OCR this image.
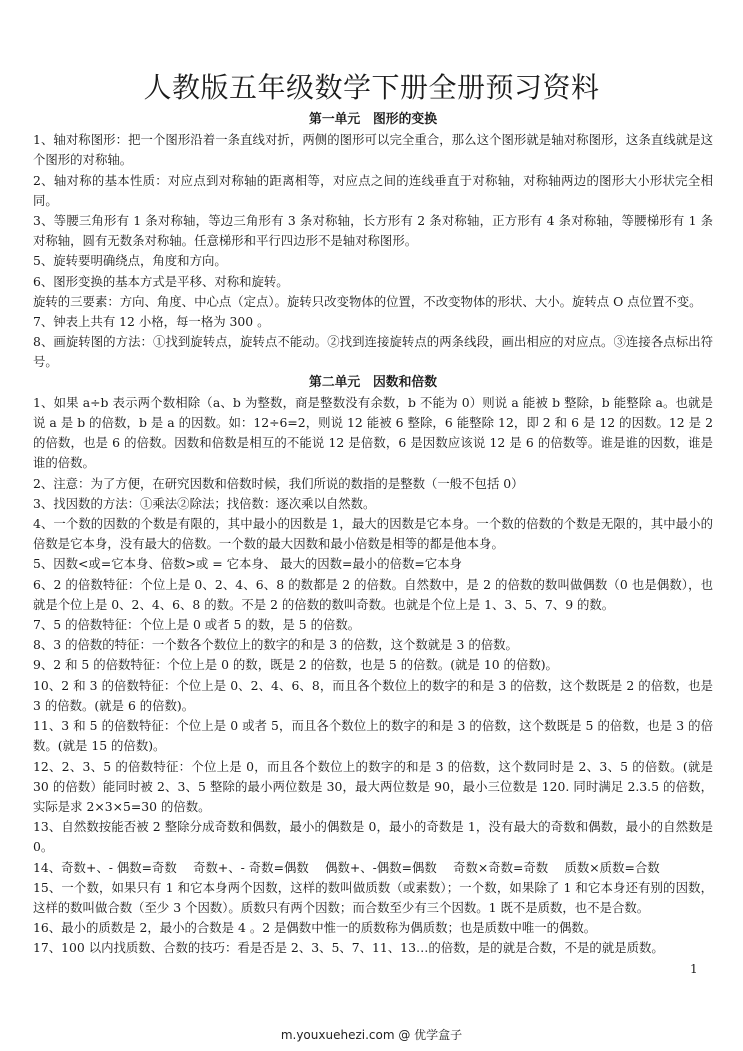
人教版五年级数学下册全册预习资料

第一单元　图形的变换

1、轴对称图形：把一个图形沿着一条直线对折，两侧的图形可以完全重合，那么这个图形就是轴对称图形，这条直线就是这个图形的对称轴。

2、轴对称的基本性质：对应点到对称轴的距离相等，对应点之间的连线垂直于对称轴，对称轴两边的图形大小形状完全相同。

3、等腰三角形有 1 条对称轴，等边三角形有 3 条对称轴，长方形有 2 条对称轴，正方形有 4 条对称轴，等腰梯形有 1 条对称轴，圆有无数条对称轴。任意梯形和平行四边形不是轴对称图形。

5、旋转要明确绕点，角度和方向。

6、图形变换的基本方式是平移、对称和旋转。

旋转的三要素：方向、角度、中心点（定点）。旋转只改变物体的位置，不改变物体的形状、大小。旋转点 O 点位置不变。

7、钟表上共有 12 小格，每一格为 300 。

8、画旋转图的方法：①找到旋转点，旋转点不能动。②找到连接旋转点的两条线段，画出相应的对应点。③连接各点标出符号。

第二单元　因数和倍数

1、如果 a÷b 表示两个数相除（a、b 为整数，商是整数没有余数，b 不能为 0）则说 a 能被 b 整除，b 能整除 a。也就是说 a 是 b 的倍数，b 是 a 的因数。如：12÷6=2，则说 12 能被 6 整除，6 能整除 12，即 2 和 6 是 12 的因数。12 是 2 的倍数，也是 6 的倍数。因数和倍数是相互的不能说 12 是倍数，6 是因数应该说 12 是 6 的倍数等。谁是谁的因数，谁是谁的倍数。

2、注意：为了方便，在研究因数和倍数时候，我们所说的数指的是整数（一般不包括 0）

3、找因数的方法：①乘法②除法；找倍数：逐次乘以自然数。

4、一个数的因数的个数是有限的，其中最小的因数是 1，最大的因数是它本身。一个数的倍数的个数是无限的，其中最小的倍数是它本身，没有最大的倍数。一个数的最大因数和最小倍数是相等的都是他本身。

5、因数<或=它本身、倍数>或 = 它本身、 最大的因数=最小的倍数=它本身

6、2 的倍数特征：个位上是 0、2、4、6、8 的数都是 2 的倍数。自然数中，是 2 的倍数的数叫做偶数（0 也是偶数），也就是个位上是 0、2、4、6、8 的数。不是 2 的倍数的数叫奇数。也就是个位上是 1、3、5、7、9 的数。

7、5 的倍数特征：个位上是 0 或者 5 的数，是 5 的倍数。

8、3 的倍数的特征：一个数各个数位上的数字的和是 3 的倍数，这个数就是 3 的倍数。

9、2 和 5 的倍数特征：个位上是 0 的数，既是 2 的倍数，也是 5 的倍数。(就是 10 的倍数)。

10、2 和 3 的倍数特征：个位上是 0、2、4、6、8，而且各个数位上的数字的和是 3 的倍数，这个数既是 2 的倍数，也是 3 的倍数。(就是 6 的倍数)。

11、3 和 5 的倍数特征：个位上是 0 或者 5，而且各个数位上的数字的和是 3 的倍数，这个数既是 5 的倍数，也是 3 的倍数。(就是 15 的倍数)。

12、2、3、5 的倍数特征：个位上是 0，而且各个数位上的数字的和是 3 的倍数，这个数同时是 2、3、5 的倍数。(就是 30 的倍数）能同时被 2、3、5 整除的最小两位数是 30，最大两位数是 90，最小三位数是 120. 同时满足 2.3.5 的倍数，实际是求 2×3×5=30 的倍数。

13、自然数按能否被 2 整除分成奇数和偶数，最小的偶数是 0，最小的奇数是 1，没有最大的奇数和偶数，最小的自然数是 0。

14、奇数+、- 偶数=奇数　 奇数+、- 奇数=偶数　 偶数+、-偶数=偶数　 奇数×奇数=奇数　 质数×质数=合数

15、一个数，如果只有 1 和它本身两个因数，这样的数叫做质数（或素数）；一个数，如果除了 1 和它本身还有别的因数，这样的数叫做合数（至少 3 个因数）。质数只有两个因数；而合数至少有三个因数。1 既不是质数，也不是合数。

16、最小的质数是 2，最小的合数是 4 。2 是偶数中惟一的质数称为偶质数；也是质数中唯一的偶数。

17、100 以内找质数、合数的技巧：看是否是 2、3、5、7、11、13…的倍数，是的就是合数，不是的就是质数。

1
m.youxuehezi.com @ 优学盒子
